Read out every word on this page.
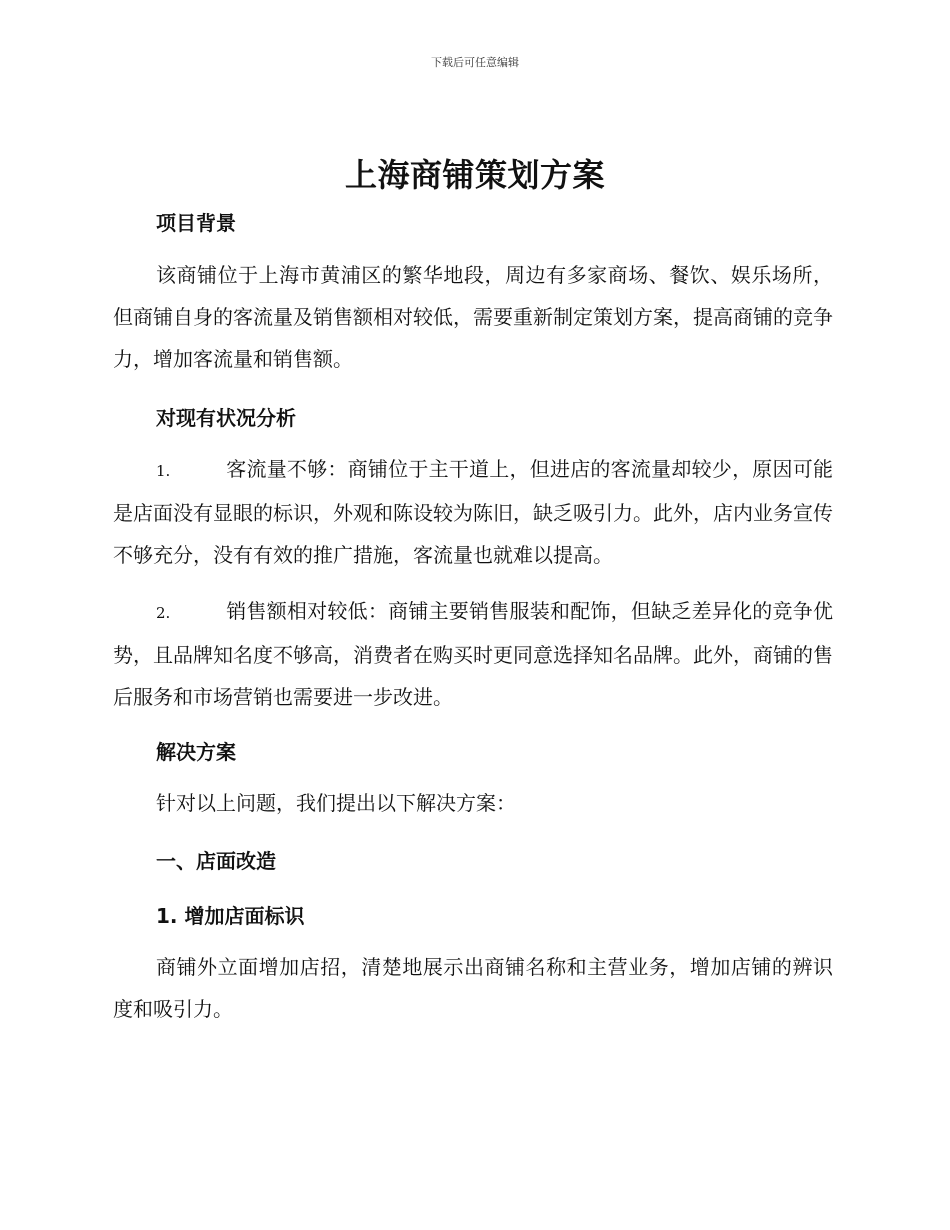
下载后可任意编辑
上海商铺策划方案
项目背景
该商铺位于上海市黄浦区的繁华地段，周边有多家商场、餐饮、娱乐场所，但商铺自身的客流量及销售额相对较低，需要重新制定策划方案，提高商铺的竞争力，增加客流量和销售额。
对现有状况分析
1.	客流量不够：商铺位于主干道上，但进店的客流量却较少，原因可能是店面没有显眼的标识，外观和陈设较为陈旧，缺乏吸引力。此外，店内业务宣传不够充分，没有有效的推广措施，客流量也就难以提高。
2.	销售额相对较低：商铺主要销售服装和配饰，但缺乏差异化的竞争优势，且品牌知名度不够高，消费者在购买时更同意选择知名品牌。此外，商铺的售后服务和市场营销也需要进一步改进。
解决方案
针对以上问题，我们提出以下解决方案：
一、店面改造
1. 增加店面标识
商铺外立面增加店招，清楚地展示出商铺名称和主营业务，增加店铺的辨识度和吸引力。
